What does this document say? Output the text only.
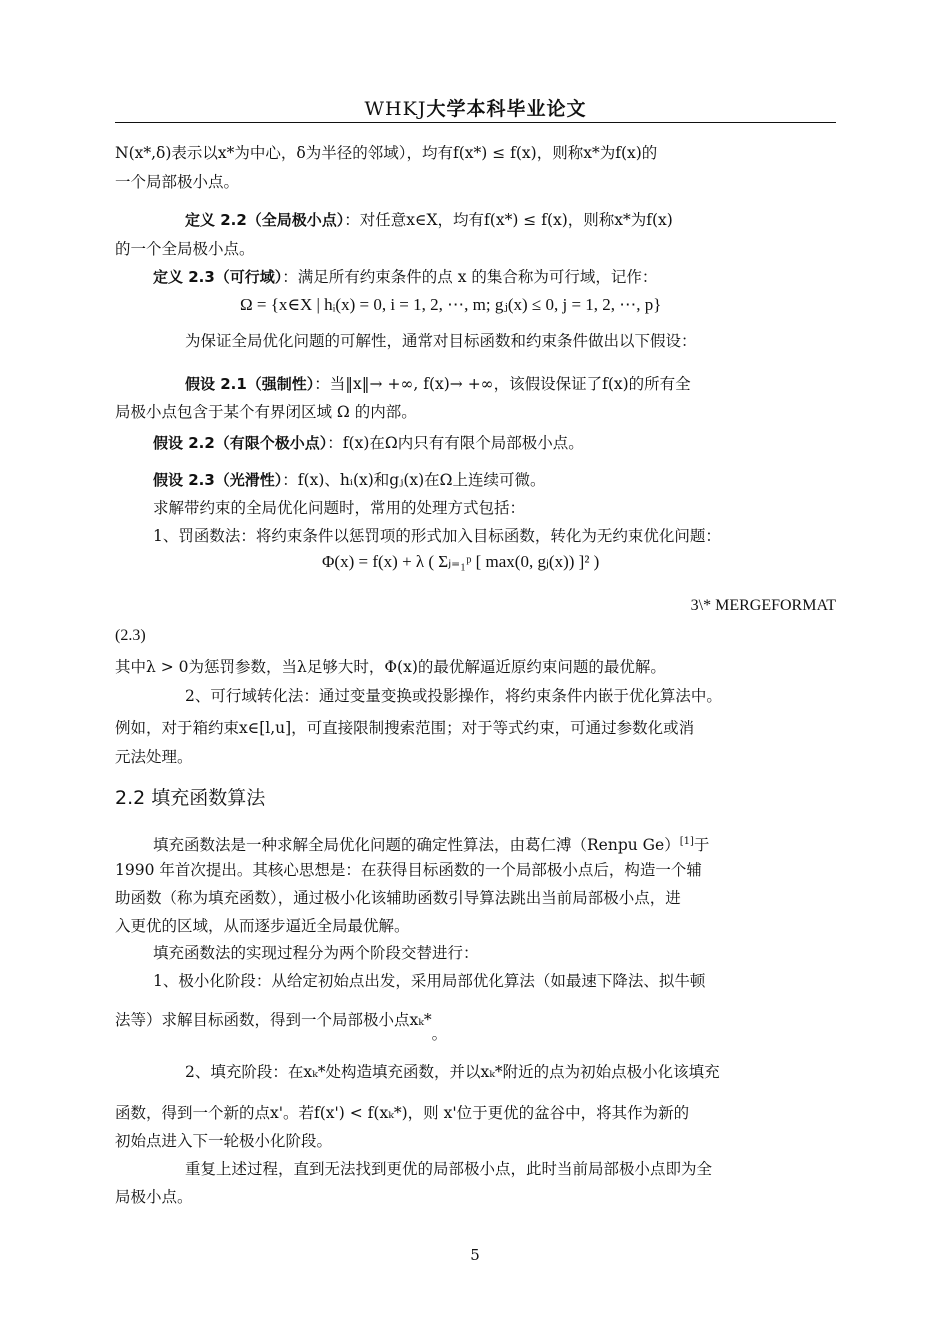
WHKJ大学本科毕业论文
N(x*,δ)表示以x*为中心，δ为半径的邻域），均有f(x*) ≤ f(x)，则称x*为f(x)的
一个局部极小点。
定义 2.2（全局极小点）：对任意x∈X，均有f(x*) ≤ f(x)，则称x*为f(x)
的一个全局极小点。
定义 2.3（可行域）：满足所有约束条件的点 x 的集合称为可行域，记作：
Ω = {x∈X | hᵢ(x) = 0, i = 1, 2, ⋯, m; gⱼ(x) ≤ 0, j = 1, 2, ⋯, p}
为保证全局优化问题的可解性，通常对目标函数和约束条件做出以下假设：
假设 2.1（强制性）：当‖x‖→ +∞, f(x)→ +∞，该假设保证了f(x)的所有全
局极小点包含于某个有界闭区域 Ω 的内部。
假设 2.2（有限个极小点）：f(x)在Ω内只有有限个局部极小点。
假设 2.3（光滑性）：f(x)、hᵢ(x)和gⱼ(x)在Ω上连续可微。
求解带约束的全局优化问题时，常用的处理方式包括：
1、罚函数法：将约束条件以惩罚项的形式加入目标函数，转化为无约束优化问题：
Φ(x) = f(x) + λ ( Σⱼ₌₁ᵖ [ max(0, gⱼ(x)) ]² )
3\* MERGEFORMAT
(2.3)
其中λ > 0为惩罚参数，当λ足够大时，Φ(x)的最优解逼近原约束问题的最优解。
2、可行域转化法：通过变量变换或投影操作，将约束条件内嵌于优化算法中。
例如，对于箱约束x∈[l,u]，可直接限制搜索范围；对于等式约束，可通过参数化或消
元法处理。
2.2 填充函数算法
填充函数法是一种求解全局优化问题的确定性算法，由葛仁溥（Renpu Ge）[1]于
1990 年首次提出。其核心思想是：在获得目标函数的一个局部极小点后，构造一个辅
助函数（称为填充函数），通过极小化该辅助函数引导算法跳出当前局部极小点，进
入更优的区域，从而逐步逼近全局最优解。
填充函数法的实现过程分为两个阶段交替进行：
1、极小化阶段：从给定初始点出发，采用局部优化算法（如最速下降法、拟牛顿
法等）求解目标函数，得到一个局部极小点xₖ*。
2、填充阶段：在xₖ*处构造填充函数，并以xₖ*附近的点为初始点极小化该填充
函数，得到一个新的点x'。若f(x') < f(xₖ*)，则 x'位于更优的盆谷中，将其作为新的
初始点进入下一轮极小化阶段。
重复上述过程，直到无法找到更优的局部极小点，此时当前局部极小点即为全
局极小点。
5
